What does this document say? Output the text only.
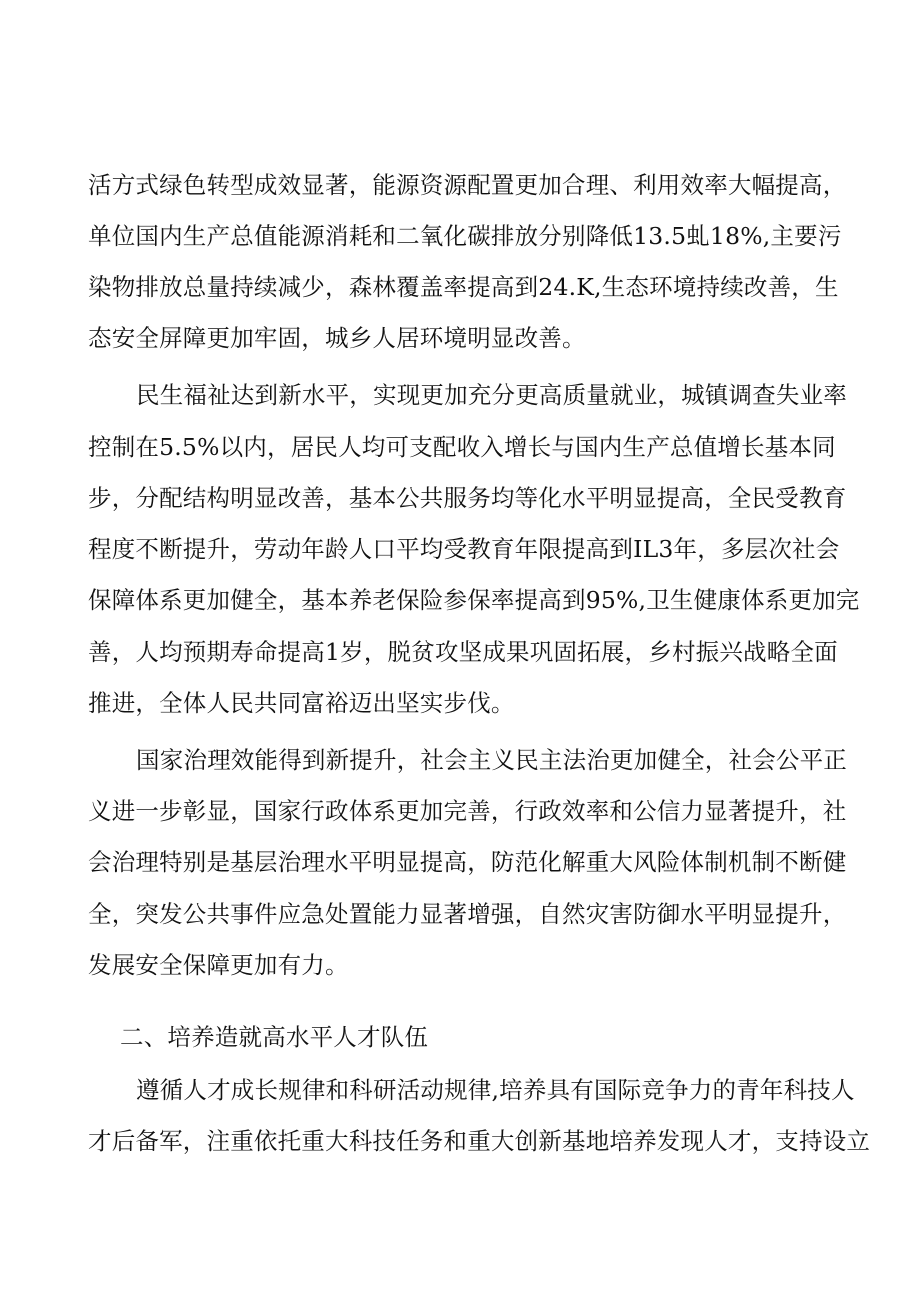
活方式绿色转型成效显著，能源资源配置更加合理、利用效率大幅提高，
单位国内生产总值能源消耗和二氧化碳排放分别降低13.5虬18%,主要污
染物排放总量持续减少，森林覆盖率提高到24.K,生态环境持续改善，生
态安全屏障更加牢固，城乡人居环境明显改善。
民生福祉达到新水平，实现更加充分更高质量就业，城镇调查失业率
控制在5.5%以内，居民人均可支配收入增长与国内生产总值增长基本同
步，分配结构明显改善，基本公共服务均等化水平明显提高，全民受教育
程度不断提升，劳动年龄人口平均受教育年限提高到IL3年，多层次社会
保障体系更加健全，基本养老保险参保率提高到95%,卫生健康体系更加完
善，人均预期寿命提高1岁，脱贫攻坚成果巩固拓展，乡村振兴战略全面
推进，全体人民共同富裕迈出坚实步伐。
国家治理效能得到新提升，社会主义民主法治更加健全，社会公平正
义进一步彰显，国家行政体系更加完善，行政效率和公信力显著提升，社
会治理特别是基层治理水平明显提高，防范化解重大风险体制机制不断健
全，突发公共事件应急处置能力显著增强，自然灾害防御水平明显提升，
发展安全保障更加有力。
二、培养造就高水平人才队伍
遵循人才成长规律和科研活动规律,培养具有国际竞争力的青年科技人
才后备军，注重依托重大科技任务和重大创新基地培养发现人才，支持设立
